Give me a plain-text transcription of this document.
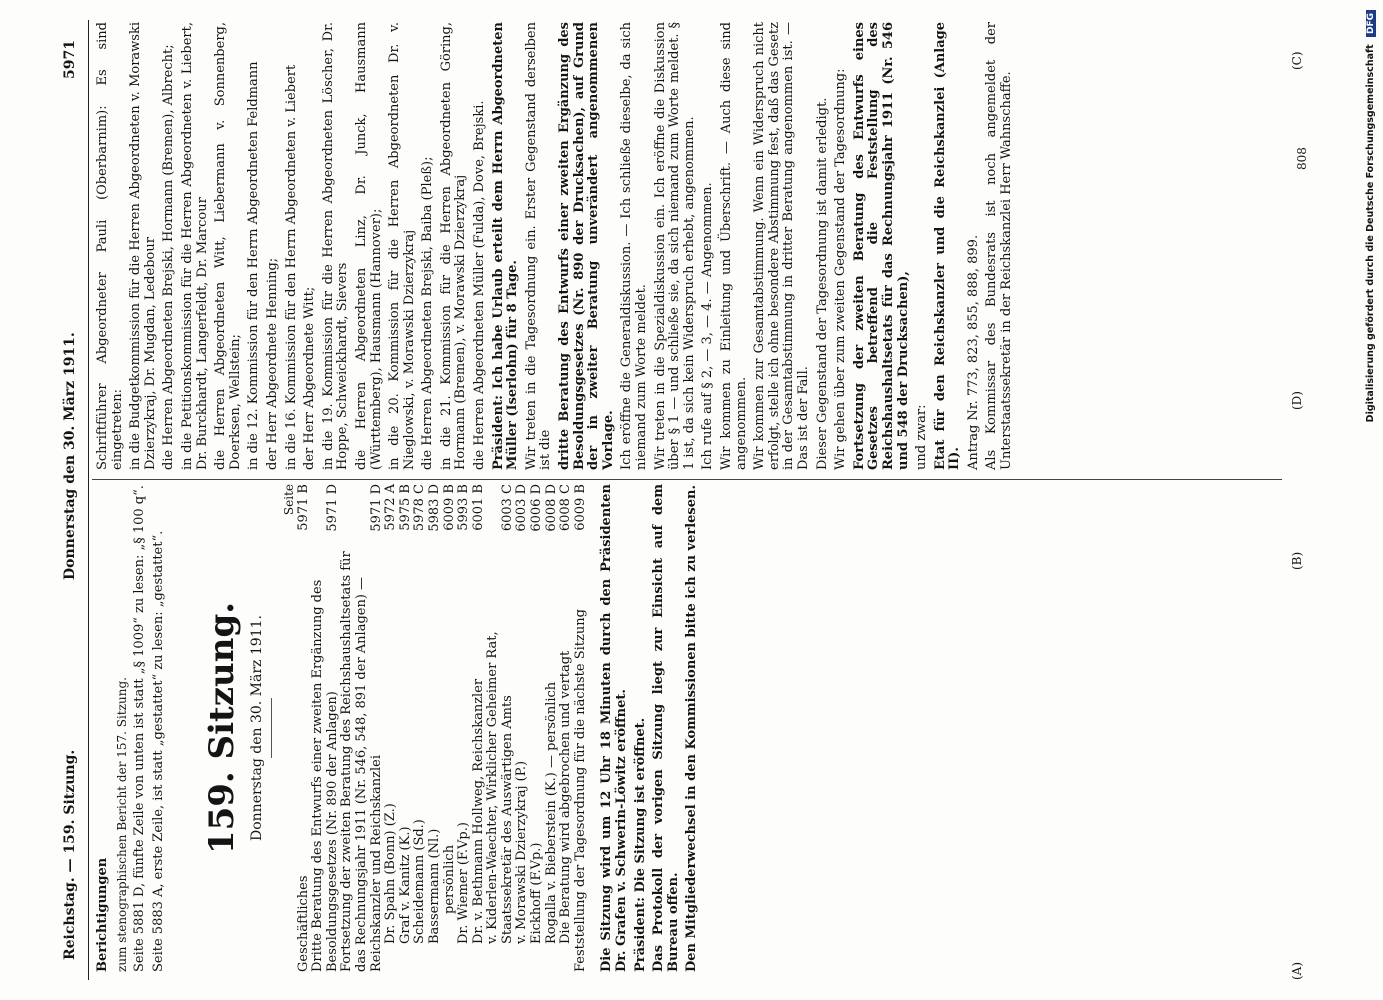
Reichstag. — 159. Sitzung.
Donnerstag den 30. März 1911.
5971

Berichtigungen zum stenographischen Bericht der 157. Sitzung. Seite 5881 D, fünfte Zeile von unten ist statt „§ 1009“ zu lesen: „§ 100 q“. Seite 5883 A, erste Zeile, ist statt „gestattet“ zu lesen: „gestattet“. 159. Sitzung. Donnerstag den 30. März 1911.
Seite
Geschäftliches	5971 B
Dritte Beratung des Entwurfs einer zweiten Ergänzung des Besoldungsgesetzes (Nr. 890 der Anlagen)	5971 D
Fortsetzung der zweiten Beratung des Reichshaushaltsetats für das Rechnungsjahr 1911 (Nr. 546, 548, 891 der Anlagen) — Reichskanzler und Reichskanzlei	5971 D
Dr. Spahn (Bonn) (Z.)	5972 A
Graf v. Kanitz (K.)	5975 B
Scheidemann (Sd.)	5978 C
Bassermann (Nl.)	5983 D
persönlich	6009 B
Dr. Wiemer (F.Vp.)	5993 B
Dr. v. Bethmann Hollweg, Reichskanzler	6001 B
v. Kiderlen-Waechter, Wirklicher Geheimer Rat, Staatssekretär des Auswärtigen Amts	6003 C
v. Morawski Dzierzykraj (P.)	6003 D
Eickhoff (F.Vp.)	6006 D
Rogalla v. Bieberstein (K.) — persönlich	6008 D
Die Beratung wird abgebrochen und vertagt	6008 C
Feststellung der Tagesordnung für die nächste Sitzung	6009 B Die Sitzung wird um 12 Uhr 18 Minuten durch den Präsidenten Dr. Grafen v. Schwerin-Löwitz eröffnet. Präsident: Die Sitzung ist eröffnet. Das Protokoll der vorigen Sitzung liegt zur Einsicht auf dem Bureau offen. Den Mitgliederwechsel in den Kommissionen bitte ich zu verlesen.

Schriftführer Abgeordneter Pauli (Oberbarnim): Es sind eingetreten: in die Budgetkommission für die Herren Abgeordneten v. Morawski Dzierzykraj, Dr. Mugdan, Ledebour die Herren Abgeordneten Brejski, Hormann (Bremen), Albrecht; in die Petitionskommission für die Herren Abgeordneten v. Liebert, Dr. Burckhardt, Langerfeldt, Dr. Marcour die Herren Abgeordneten Witt, Liebermann v. Sonnenberg, Doerksen, Wellstein; in die 12. Kommission für den Herrn Abgeordneten Feldmann der Herr Abgeordnete Henning; in die 16. Kommission für den Herrn Abgeordneten v. Liebert der Herr Abgeordnete Witt; in die 19. Kommission für die Herren Abgeordneten Löscher, Dr. Hoppe, Schweickhardt, Sievers die Herren Abgeordneten Linz, Dr. Junck, Hausmann (Württemberg), Hausmann (Hannover); in die 20. Kommission für die Herren Abgeordneten Dr. v. Nieglowski, v. Morawski Dzierzykraj die Herren Abgeordneten Brejski, Baiba (Pleß); in die 21. Kommission für die Herren Abgeordneten Göring, Hormann (Bremen), v. Morawski Dzierzykraj die Herren Abgeordneten Müller (Fulda), Dove, Brejski. Präsident: Ich habe Urlaub erteilt dem Herrn Abgeordneten Müller (Iserlohn) für 8 Tage. Wir treten in die Tagesordnung ein. Erster Gegenstand derselben ist die dritte Beratung des Entwurfs einer zweiten Ergänzung des Besoldungsgesetzes (Nr. 890 der Drucksachen), auf Grund der in zweiter Beratung unverändert angenommenen Vorlage. Ich eröffne die Generaldiskussion. — Ich schließe dieselbe, da sich niemand zum Worte meldet. Wir treten in die Spezialdiskussion ein. Ich eröffne die Diskussion über § 1 — und schließe sie, da sich niemand zum Worte meldet. § 1 ist, da sich kein Widerspruch erhebt, angenommen. Ich rufe auf § 2, — 3, — 4. — Angenommen. Wir kommen zu Einleitung und Überschrift. — Auch diese sind angenommen. Wir kommen zur Gesamtabstimmung. Wenn ein Widerspruch nicht erfolgt, stelle ich ohne besondere Abstimmung fest, daß das Gesetz in der Gesamtabstimmung in dritter Beratung angenommen ist. — Das ist der Fall. Dieser Gegenstand der Tagesordnung ist damit erledigt. Wir gehen über zum zweiten Gegenstand der Tagesordnung: Fortsetzung der zweiten Beratung des Entwurfs eines Gesetzes betreffend die Feststellung des Reichshaushaltsetats für das Rechnungsjahr 1911 (Nr. 546 und 548 der Drucksachen), und zwar: Etat für den Reichskanzler und die Reichskanzlei (Anlage II). Antrag Nr. 773, 823, 855, 888, 899. Als Kommissar des Bundesrats ist noch angemeldet der Unterstaatssekretär in der Reichskanzlei Herr Wahnschaffe.

(A)
(B)
(C)
(D)
808	Digitalisierung gefördert durch die Deutsche Forschungsgemeinschaft DFG
